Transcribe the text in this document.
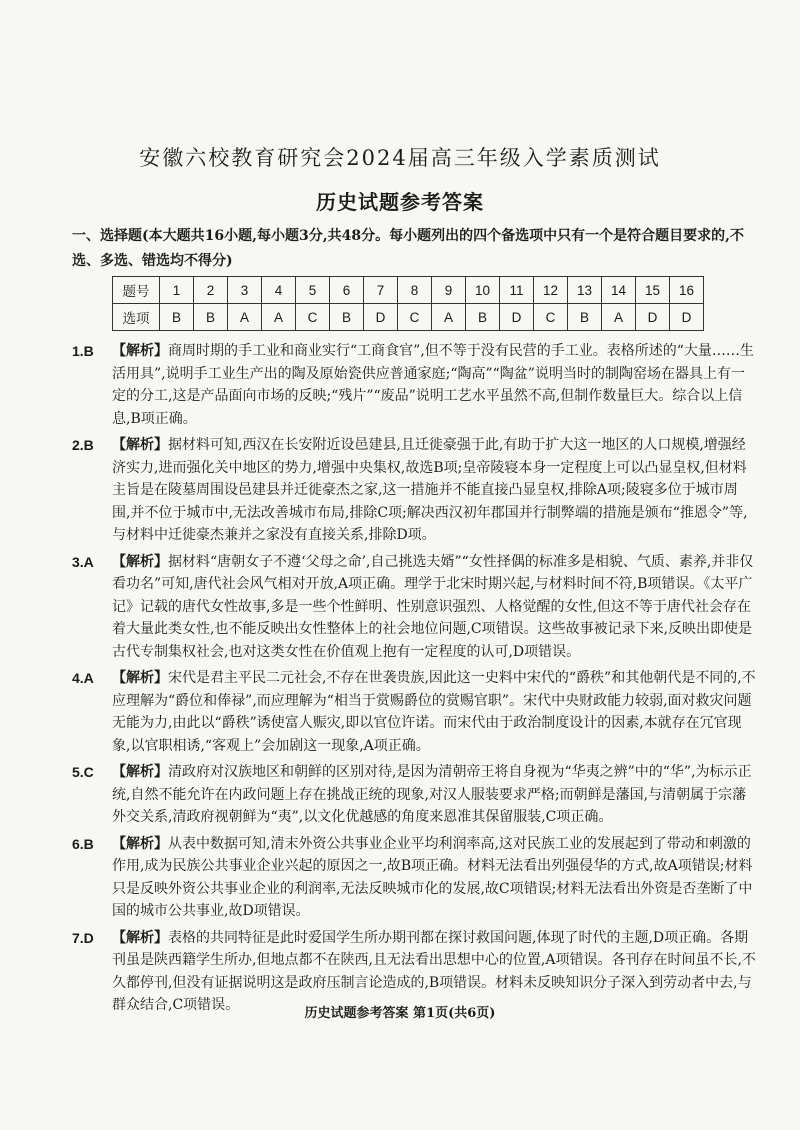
安徽六校教育研究会2024届高三年级入学素质测试
历史试题参考答案
一、选择题(本大题共16小题,每小题3分,共48分。每小题列出的四个备选项中只有一个是符合题目要求的,不选、多选、错选均不得分)
题号	1	2	3	4	5	6	7	8	9	10	11	12	13	14	15	16
选项	B	B	A	A	C	B	D	C	A	B	D	C	B	A	D	D
1.B 【解析】商周时期的手工业和商业实行“工商食官”,但不等于没有民营的手工业。表格所述的“大量……生活用具”,说明手工业生产出的陶及原始瓷供应普通家庭;“陶高”“陶盆”说明当时的制陶窑场在器具上有一定的分工,这是产品面向市场的反映;“残片”“废品”说明工艺水平虽然不高,但制作数量巨大。综合以上信息,B项正确。
2.B 【解析】据材料可知,西汉在长安附近设邑建县,且迁徙豪强于此,有助于扩大这一地区的人口规模,增强经济实力,进而强化关中地区的势力,增强中央集权,故选B项;皇帝陵寝本身一定程度上可以凸显皇权,但材料主旨是在陵墓周围设邑建县并迁徙豪杰之家,这一措施并不能直接凸显皇权,排除A项;陵寝多位于城市周围,并不位于城市中,无法改善城市布局,排除C项;解决西汉初年郡国并行制弊端的措施是颁布“推恩令”等,与材料中迁徙豪杰兼并之家没有直接关系,排除D项。
3.A 【解析】据材料“唐朝女子不遵‘父母之命’,自己挑选夫婿”“女性择偶的标准多是相貌、气质、素养,并非仅看功名”可知,唐代社会风气相对开放,A项正确。理学于北宋时期兴起,与材料时间不符,B项错误。《太平广记》记载的唐代女性故事,多是一些个性鲜明、性别意识强烈、人格觉醒的女性,但这不等于唐代社会存在着大量此类女性,也不能反映出女性整体上的社会地位问题,C项错误。这些故事被记录下来,反映出即使是古代专制集权社会,也对这类女性在价值观上抱有一定程度的认可,D项错误。
4.A 【解析】宋代是君主平民二元社会,不存在世袭贵族,因此这一史料中宋代的“爵秩”和其他朝代是不同的,不应理解为“爵位和俸禄”,而应理解为“相当于赏赐爵位的赏赐官职”。宋代中央财政能力较弱,面对救灾问题无能为力,由此以“爵秩”诱使富人赈灾,即以官位许诺。而宋代由于政治制度设计的因素,本就存在冗官现象,以官职相诱,“客观上”会加剧这一现象,A项正确。
5.C 【解析】清政府对汉族地区和朝鲜的区别对待,是因为清朝帝王将自身视为“华夷之辨”中的“华”,为标示正统,自然不能允许在内政问题上存在挑战正统的现象,对汉人服装要求严格;而朝鲜是藩国,与清朝属于宗藩外交关系,清政府视朝鲜为“夷”,以文化优越感的角度来恩准其保留服装,C项正确。
6.B 【解析】从表中数据可知,清末外资公共事业企业平均利润率高,这对民族工业的发展起到了带动和刺激的作用,成为民族公共事业企业兴起的原因之一,故B项正确。材料无法看出列强侵华的方式,故A项错误;材料只是反映外资公共事业企业的利润率,无法反映城市化的发展,故C项错误;材料无法看出外资是否垄断了中国的城市公共事业,故D项错误。
7.D 【解析】表格的共同特征是此时爱国学生所办期刊都在探讨救国问题,体现了时代的主题,D项正确。各期刊虽是陕西籍学生所办,但地点都不在陕西,且无法看出思想中心的位置,A项错误。各刊存在时间虽不长,不久都停刊,但没有证据说明这是政府压制言论造成的,B项错误。材料未反映知识分子深入到劳动者中去,与群众结合,C项错误。
历史试题参考答案 第1页(共6页)
